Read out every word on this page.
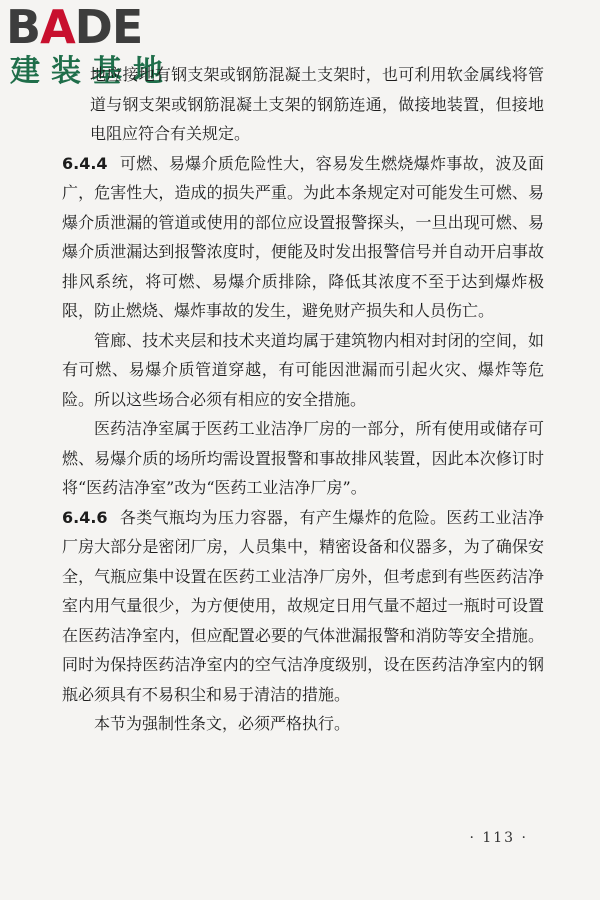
BADE
建装基地

地应接地有钢支架或钢筋混凝土支架时，也可利用软金属线将管道与钢支架或钢筋混凝土支架的钢筋连通，做接地装置，但接地电阻应符合有关规定。

6.4.4 可燃、易爆介质危险性大，容易发生燃烧爆炸事故，波及面广，危害性大，造成的损失严重。为此本条规定对可能发生可燃、易爆介质泄漏的管道或使用的部位应设置报警探头，一旦出现可燃、易爆介质泄漏达到报警浓度时，便能及时发出报警信号并自动开启事故排风系统，将可燃、易爆介质排除，降低其浓度不至于达到爆炸极限，防止燃烧、爆炸事故的发生，避免财产损失和人员伤亡。

管廊、技术夹层和技术夹道均属于建筑物内相对封闭的空间，如有可燃、易爆介质管道穿越，有可能因泄漏而引起火灾、爆炸等危险。所以这些场合必须有相应的安全措施。

医药洁净室属于医药工业洁净厂房的一部分，所有使用或储存可燃、易爆介质的场所均需设置报警和事故排风装置，因此本次修订时将“医药洁净室”改为“医药工业洁净厂房”。

6.4.6 各类气瓶均为压力容器，有产生爆炸的危险。医药工业洁净厂房大部分是密闭厂房，人员集中，精密设备和仪器多，为了确保安全，气瓶应集中设置在医药工业洁净厂房外，但考虑到有些医药洁净室内用气量很少，为方便使用，故规定日用气量不超过一瓶时可设置在医药洁净室内，但应配置必要的气体泄漏报警和消防等安全措施。同时为保持医药洁净室内的空气洁净度级别，设在医药洁净室内的钢瓶必须具有不易积尘和易于清洁的措施。

本节为强制性条文，必须严格执行。

· 113 ·
